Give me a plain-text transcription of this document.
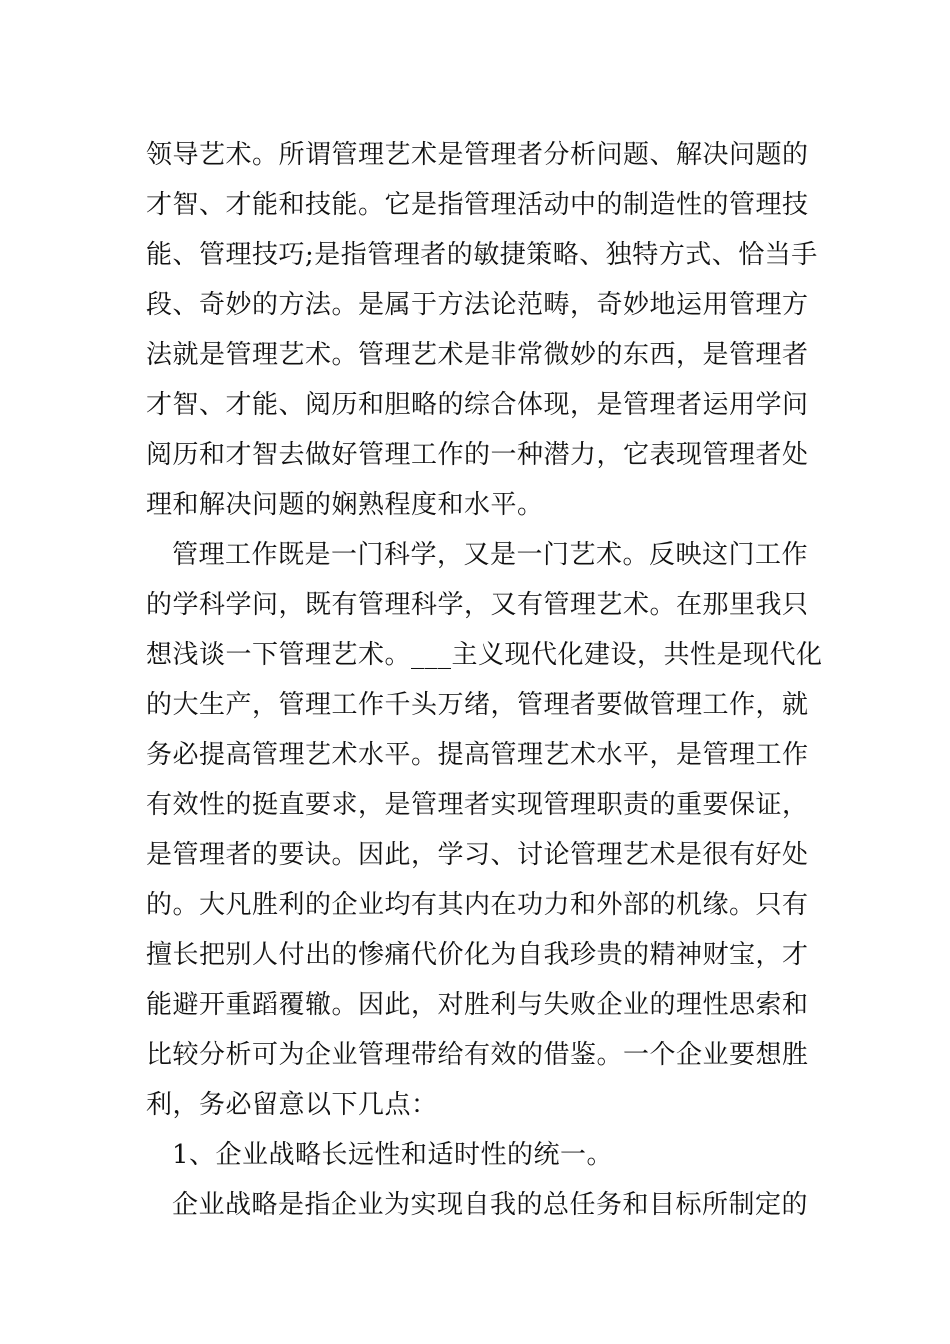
领导艺术。所谓管理艺术是管理者分析问题、解决问题的
才智、才能和技能。它是指管理活动中的制造性的管理技
能、管理技巧;是指管理者的敏捷策略、独特方式、恰当手
段、奇妙的方法。是属于方法论范畴，奇妙地运用管理方
法就是管理艺术。管理艺术是非常微妙的东西，是管理者
才智、才能、阅历和胆略的综合体现，是管理者运用学问
阅历和才智去做好管理工作的一种潜力，它表现管理者处
理和解决问题的娴熟程度和水平。
管理工作既是一门科学，又是一门艺术。反映这门工作
的学科学问，既有管理科学，又有管理艺术。在那里我只
想浅谈一下管理艺术。___主义现代化建设，共性是现代化
的大生产，管理工作千头万绪，管理者要做管理工作，就
务必提高管理艺术水平。提高管理艺术水平，是管理工作
有效性的挺直要求，是管理者实现管理职责的重要保证，
是管理者的要诀。因此，学习、讨论管理艺术是很有好处
的。大凡胜利的企业均有其内在功力和外部的机缘。只有
擅长把别人付出的惨痛代价化为自我珍贵的精神财宝，才
能避开重蹈覆辙。因此，对胜利与失败企业的理性思索和
比较分析可为企业管理带给有效的借鉴。一个企业要想胜
利，务必留意以下几点：
1、企业战略长远性和适时性的统一。
企业战略是指企业为实现自我的总任务和目标所制定的
